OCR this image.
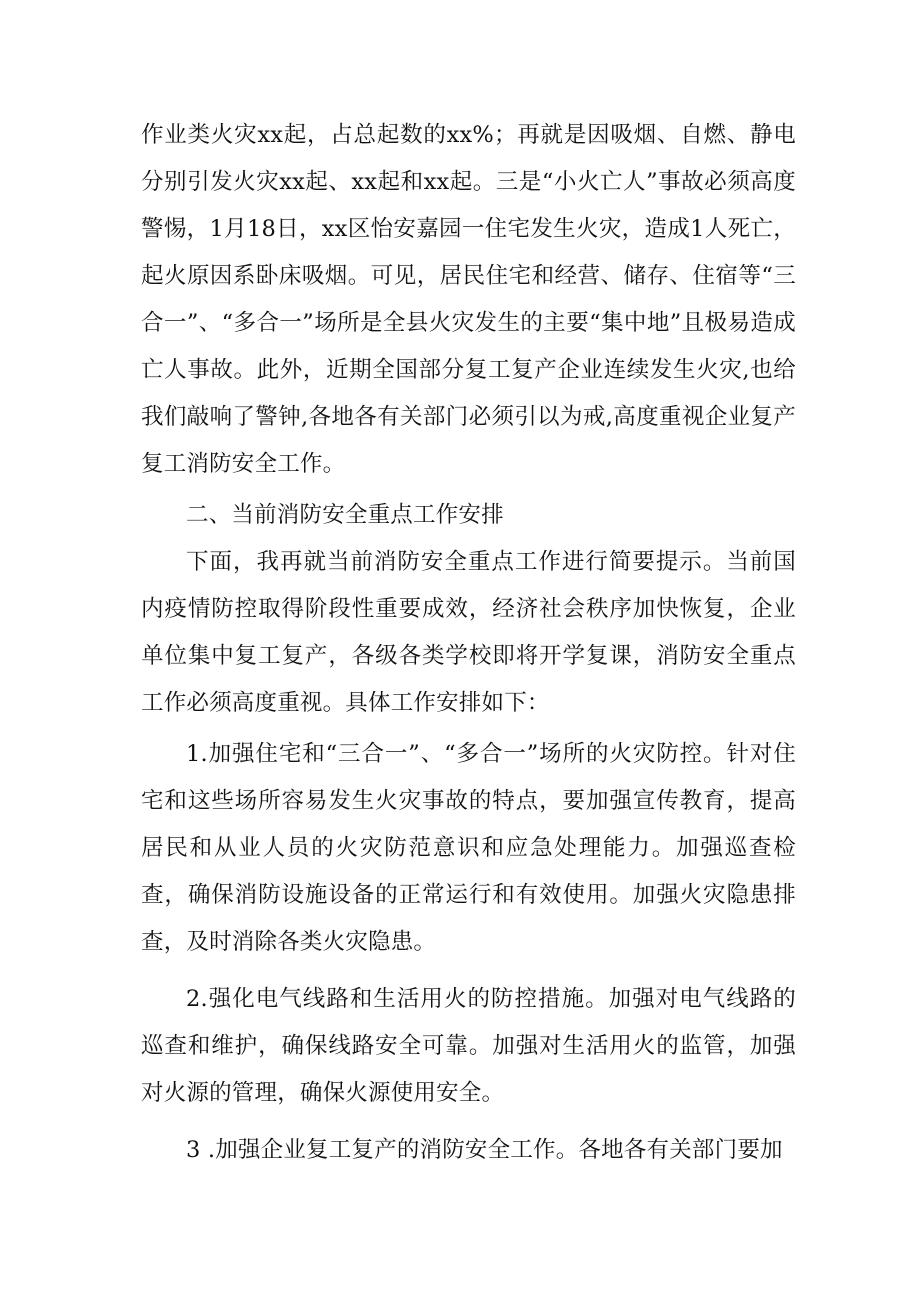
作业类火灾xx起，占总起数的xx%；再就是因吸烟、自燃、静电分别引发火灾xx起、xx起和xx起。三是“小火亡人”事故必须高度警惕，1月18日，xx区怡安嘉园一住宅发生火灾，造成1人死亡，起火原因系卧床吸烟。可见，居民住宅和经营、储存、住宿等“三合一”、“多合一”场所是全县火灾发生的主要“集中地”且极易造成亡人事故。此外，近期全国部分复工复产企业连续发生火灾,也给我们敲响了警钟,各地各有关部门必须引以为戒,高度重视企业复产复工消防安全工作。

二、当前消防安全重点工作安排

下面，我再就当前消防安全重点工作进行简要提示。当前国内疫情防控取得阶段性重要成效，经济社会秩序加快恢复，企业单位集中复工复产，各级各类学校即将开学复课，消防安全重点工作必须高度重视。具体工作安排如下：

1.加强住宅和“三合一”、“多合一”场所的火灾防控。针对住宅和这些场所容易发生火灾事故的特点，要加强宣传教育，提高居民和从业人员的火灾防范意识和应急处理能力。加强巡查检查，确保消防设施设备的正常运行和有效使用。加强火灾隐患排查，及时消除各类火灾隐患。

2.强化电气线路和生活用火的防控措施。加强对电气线路的巡查和维护，确保线路安全可靠。加强对生活用火的监管，加强对火源的管理，确保火源使用安全。

3 .加强企业复工复产的消防安全工作。各地各有关部门要加
